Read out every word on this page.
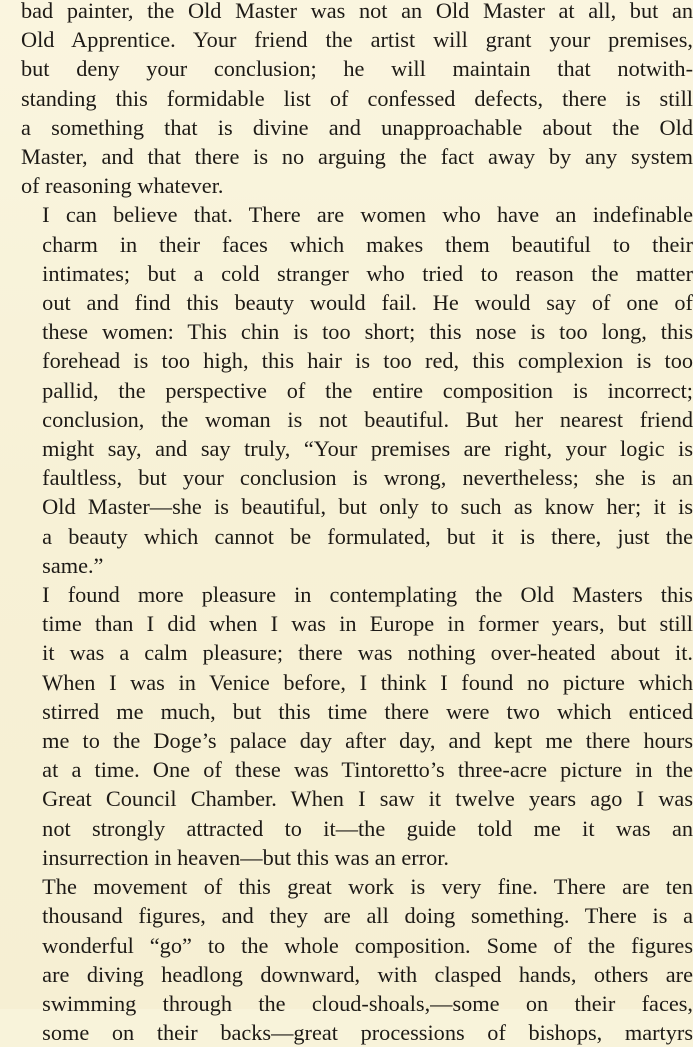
bad painter, the Old Master was not an Old Master at all, but an
Old Apprentice. Your friend the artist will grant your premises,
but deny your conclusion; he will maintain that notwith-
standing this formidable list of confessed defects, there is still
a something that is divine and unapproachable about the Old
Master, and that there is no arguing the fact away by any system
of reasoning whatever.
I can believe that. There are women who have an indefinable
charm in their faces which makes them beautiful to their
intimates; but a cold stranger who tried to reason the matter
out and find this beauty would fail. He would say of one of
these women: This chin is too short; this nose is too long, this
forehead is too high, this hair is too red, this complexion is too
pallid, the perspective of the entire composition is incorrect;
conclusion, the woman is not beautiful. But her nearest friend
might say, and say truly, “Your premises are right, your logic is
faultless, but your conclusion is wrong, nevertheless; she is an
Old Master—she is beautiful, but only to such as know her; it is
a beauty which cannot be formulated, but it is there, just the
same.”
I found more pleasure in contemplating the Old Masters this
time than I did when I was in Europe in former years, but still
it was a calm pleasure; there was nothing over-heated about it.
When I was in Venice before, I think I found no picture which
stirred me much, but this time there were two which enticed
me to the Doge’s palace day after day, and kept me there hours
at a time. One of these was Tintoretto’s three-acre picture in the
Great Council Chamber. When I saw it twelve years ago I was
not strongly attracted to it—the guide told me it was an
insurrection in heaven—but this was an error.
The movement of this great work is very fine. There are ten
thousand figures, and they are all doing something. There is a
wonderful “go” to the whole composition. Some of the figures
are diving headlong downward, with clasped hands, others are
swimming through the cloud-shoals,—some on their faces,
some on their backs—great processions of bishops, martyrs
